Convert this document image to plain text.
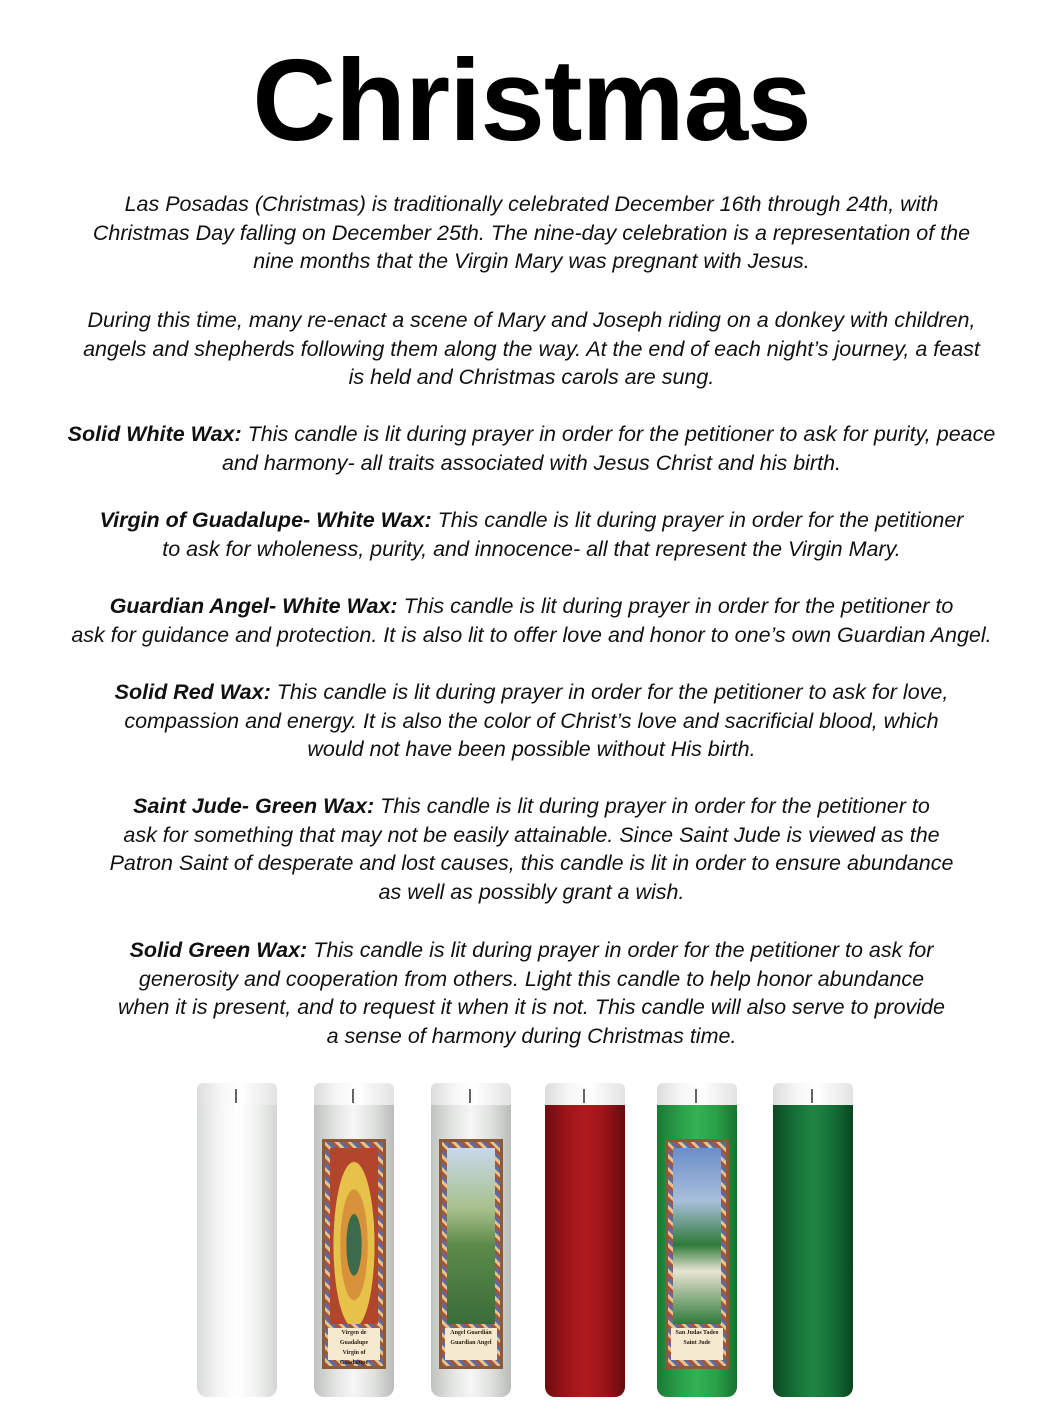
Christmas
Las Posadas (Christmas) is traditionally celebrated December 16th through 24th, with
Christmas Day falling on December 25th. The nine-day celebration is a representation of the
nine months that the Virgin Mary was pregnant with Jesus.
During this time, many re-enact a scene of Mary and Joseph riding on a donkey with children,
angels and shepherds following them along the way. At the end of each night’s journey, a feast
is held and Christmas carols are sung.
Solid White Wax: This candle is lit during prayer in order for the petitioner to ask for purity, peace
and harmony- all traits associated with Jesus Christ and his birth.
Virgin of Guadalupe- White Wax: This candle is lit during prayer in order for the petitioner
to ask for wholeness, purity, and innocence- all that represent the Virgin Mary.
Guardian Angel- White Wax: This candle is lit during prayer in order for the petitioner to
ask for guidance and protection. It is also lit to offer love and honor to one’s own Guardian Angel.
Solid Red Wax: This candle is lit during prayer in order for the petitioner to ask for love,
compassion and energy. It is also the color of Christ’s love and sacrificial blood, which
would not have been possible without His birth.
Saint Jude- Green Wax: This candle is lit during prayer in order for the petitioner to
ask for something that may not be easily attainable. Since Saint Jude is viewed as the
Patron Saint of desperate and lost causes, this candle is lit in order to ensure abundance
as well as possibly grant a wish.
Solid Green Wax: This candle is lit during prayer in order for the petitioner to ask for
generosity and cooperation from others. Light this candle to help honor abundance
when it is present, and to request it when it is not. This candle will also serve to provide
a sense of harmony during Christmas time.
Virgen de Guadalupe
Virgin of Guadalupe
Angel Guardián
Guardian Angel
San Judas Tadeo
Saint Jude
